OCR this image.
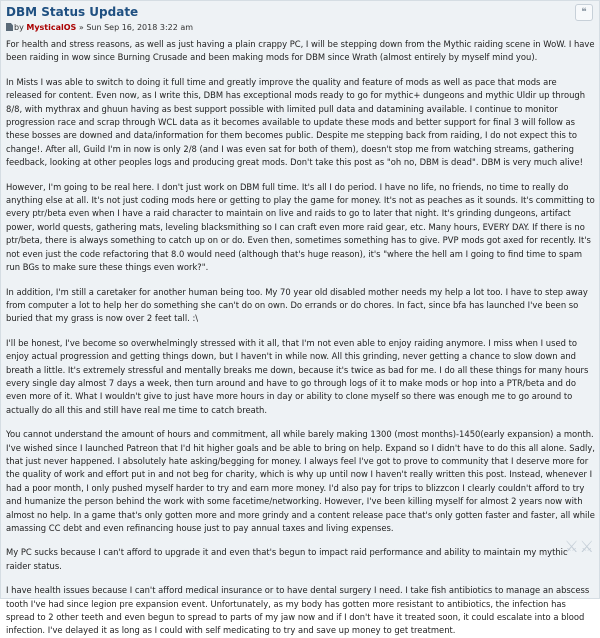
DBM Status Update	❝
by MysticalOS » Sun Sep 16, 2018 3:22 am

For health and stress reasons, as well as just having a plain crappy PC, I will be stepping down from the Mythic raiding scene in WoW. I have been raiding in wow since Burning Crusade and been making mods for DBM since Wrath (almost entirely by myself mind you).

In Mists I was able to switch to doing it full time and greatly improve the quality and feature of mods as well as pace that mods are released for content. Even now, as I write this, DBM has exceptional mods ready to go for mythic+ dungeons and mythic Uldir up through 8/8, with mythrax and ghuun having as best support possible with limited pull data and datamining available. I continue to monitor progression race and scrap through WCL data as it becomes available to update these mods and better support for final 3 will follow as these bosses are downed and data/information for them becomes public. Despite me stepping back from raiding, I do not expect this to change!. After all, Guild I'm in now is only 2/8 (and I was even sat for both of them), doesn't stop me from watching streams, gathering feedback, looking at other peoples logs and producing great mods. Don't take this post as "oh no, DBM is dead". DBM is very much alive!

However, I'm going to be real here. I don't just work on DBM full time. It's all I do period. I have no life, no friends, no time to really do anything else at all. It's not just coding mods here or getting to play the game for money. It's not as peaches as it sounds. It's committing to every ptr/beta even when I have a raid character to maintain on live and raids to go to later that night. It's grinding dungeons, artifact power, world quests, gathering mats, leveling blacksmithing so I can craft even more raid gear, etc. Many hours, EVERY DAY. If there is no ptr/beta, there is always something to catch up on or do. Even then, sometimes something has to give. PVP mods got axed for recently. It's not even just the code refactoring that 8.0 would need (although that's huge reason), it's "where the hell am I going to find time to spam run BGs to make sure these things even work?".

In addition, I'm still a caretaker for another human being too. My 70 year old disabled mother needs my help a lot too. I have to step away from computer a lot to help her do something she can't do on own. Do errands or do chores. In fact, since bfa has launched I've been so buried that my grass is now over 2 feet tall. :\

I'll be honest, I've become so overwhelmingly stressed with it all, that I'm not even able to enjoy raiding anymore. I miss when I used to enjoy actual progression and getting things down, but I haven't in while now. All this grinding, never getting a chance to slow down and breath a little. It's extremely stressful and mentally breaks me down, because it's twice as bad for me. I do all these things for many hours every single day almost 7 days a week, then turn around and have to go through logs of it to make mods or hop into a PTR/beta and do even more of it. What I wouldn't give to just have more hours in day or ability to clone myself so there was enough me to go around to actually do all this and still have real me time to catch breath.

You cannot understand the amount of hours and commitment, all while barely making 1300 (most months)-1450(early expansion) a month. I've wished since I launched Patreon that I'd hit higher goals and be able to bring on help. Expand so I didn't have to do this all alone. Sadly, that just never happened. I absolutely hate asking/begging for money. I always feel I've got to prove to community that I deserve more for the quality of work and effort put in and not beg for charity, which is why up until now I haven't really written this post. Instead, whenever I had a poor month, I only pushed myself harder to try and earn more money. I'd also pay for trips to blizzcon I clearly couldn't afford to try and humanize the person behind the work with some facetime/networking. However, I've been killing myself for almost 2 years now with almost no help. In a game that's only gotten more and more grindy and a content release pace that's only gotten faster and faster, all while amassing CC debt and even refinancing house just to pay annual taxes and living expenses.

My PC sucks because I can't afford to upgrade it and even that's begun to impact raid performance and ability to maintain my mythic raider status.

I have health issues because I can't afford medical insurance or to have dental surgery I need. I take fish antibiotics to manage an abscess tooth I've had since legion pre expansion event. Unfortunately, as my body has gotten more resistant to antibiotics, the infection has spread to 2 other teeth and even begun to spread to parts of my jaw now and if I don't have it treated soon, it could escalate into a blood infection. I've delayed it as long as I could with self medicating to try and save up money to get treatment.

⚔⚔
